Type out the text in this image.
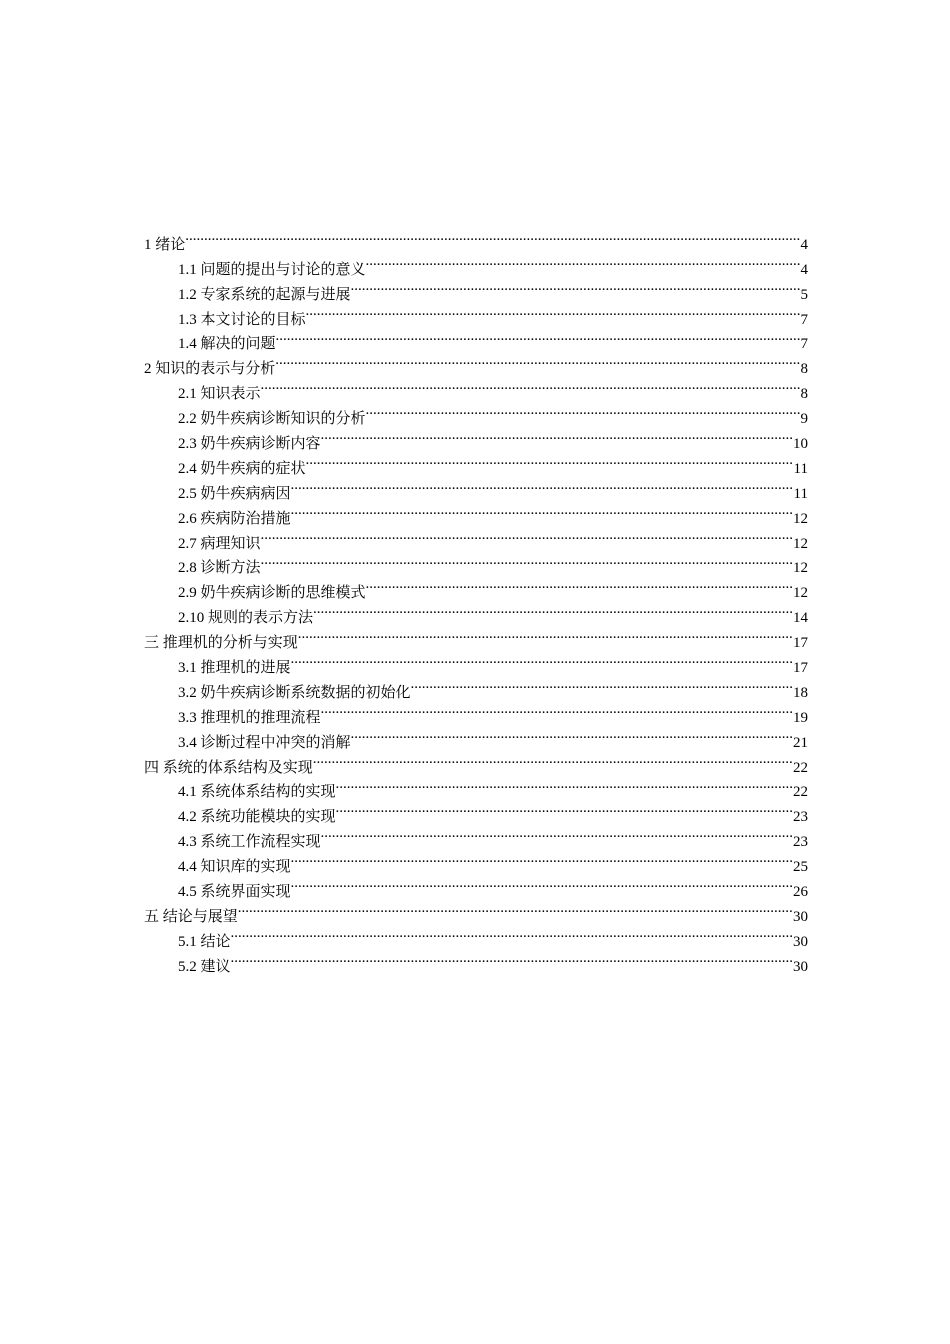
1 绪论 .....	4
1.1 问题的提出与讨论的意义 .....	4
1.2 专家系统的起源与进展 .....	5
1.3 本文讨论的目标 .....	7
1.4 解决的问题 .....	7
2 知识的表示与分析 .....	8
2.1 知识表示 .....	8
2.2 奶牛疾病诊断知识的分析 .....	9
2.3 奶牛疾病诊断内容 .....	10
2.4 奶牛疾病的症状 .....	11
2.5 奶牛疾病病因 .....	11
2.6 疾病防治措施 .....	12
2.7 病理知识 .....	12
2.8 诊断方法 .....	12
2.9 奶牛疾病诊断的思维模式 .....	12
2.10 规则的表示方法 .....	14
三 推理机的分析与实现 .....	17
3.1 推理机的进展 .....	17
3.2 奶牛疾病诊断系统数据的初始化 .....	18
3.3 推理机的推理流程 .....	19
3.4 诊断过程中冲突的消解 .....	21
四 系统的体系结构及实现 .....	22
4.1 系统体系结构的实现 .....	22
4.2 系统功能模块的实现 .....	23
4.3 系统工作流程实现 .....	23
4.4 知识库的实现 .....	25
4.5 系统界面实现 .....	26
五 结论与展望 .....	30
5.1 结论 .....	30
5.2 建议 .....	30
